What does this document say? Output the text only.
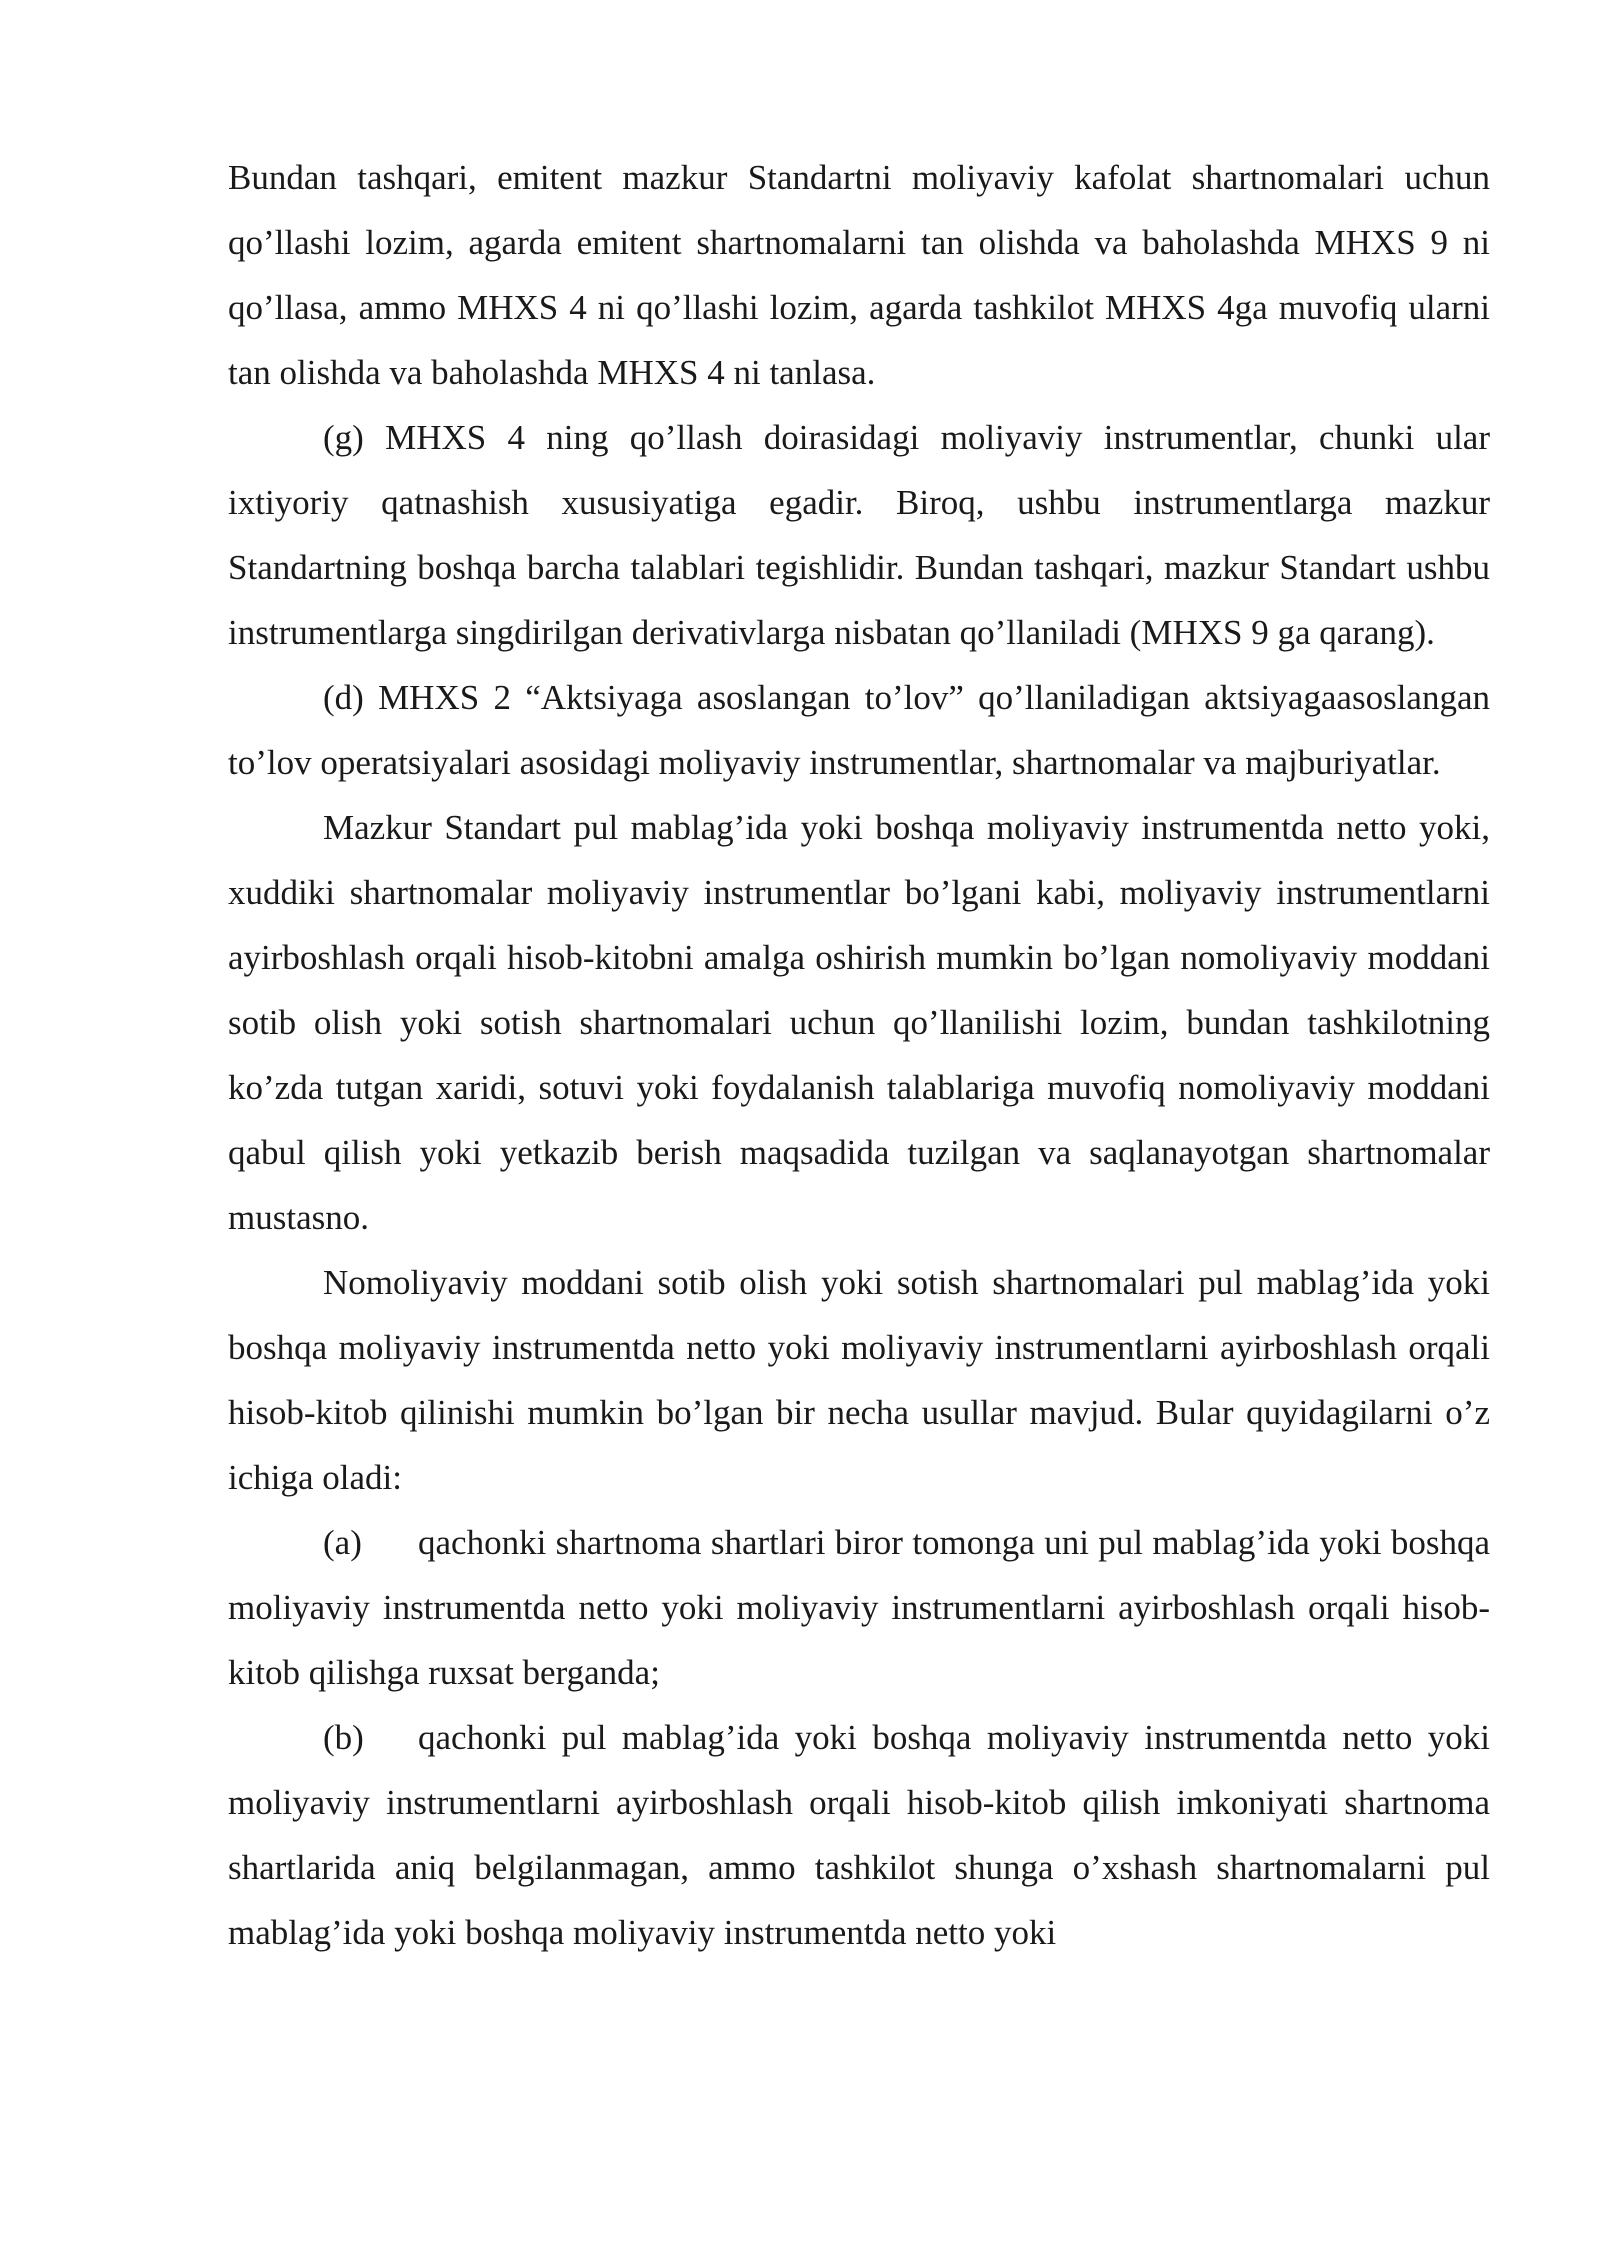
Bundan tashqari, emitent mazkur Standartni moliyaviy kafolat shartnomalari uchun qo’llashi lozim, agarda emitent shartnomalarni tan olishda va baholashda MHXS 9 ni qo’llasa, ammo MHXS 4 ni qo’llashi lozim, agarda tashkilot MHXS 4ga muvofiq ularni tan olishda va baholashda MHXS 4 ni tanlasa.

(g) MHXS 4 ning qo’llash doirasidagi moliyaviy instrumentlar, chunki ular ixtiyoriy qatnashish xususiyatiga egadir. Biroq, ushbu instrumentlarga mazkur Standartning boshqa barcha talablari tegishlidir. Bundan tashqari, mazkur Standart ushbu instrumentlarga singdirilgan derivativlarga nisbatan qo’llaniladi (MHXS 9 ga qarang).

(d) MHXS 2 “Aktsiyaga asoslangan to’lov” qo’llaniladigan aktsiyagaasoslangan to’lov operatsiyalari asosidagi moliyaviy instrumentlar, shartnomalar va majburiyatlar.

Mazkur Standart pul mablag’ida yoki boshqa moliyaviy instrumentda netto yoki, xuddiki shartnomalar moliyaviy instrumentlar bo’lgani kabi, moliyaviy instrumentlarni ayirboshlash orqali hisob-kitobni amalga oshirish mumkin bo’lgan nomoliyaviy moddani sotib olish yoki sotish shartnomalari uchun qo’llanilishi lozim, bundan tashkilotning ko’zda tutgan xaridi, sotuvi yoki foydalanish talablariga muvofiq nomoliyaviy moddani qabul qilish yoki yetkazib berish maqsadida tuzilgan va saqlanayotgan shartnomalar mustasno.

Nomoliyaviy moddani sotib olish yoki sotish shartnomalari pul mablag’ida yoki boshqa moliyaviy instrumentda netto yoki moliyaviy instrumentlarni ayirboshlash orqali hisob-kitob qilinishi mumkin bo’lgan bir necha usullar mavjud. Bular quyidagilarni o’z ichiga oladi:

(a) qachonki shartnoma shartlari biror tomonga uni pul mablag’ida yoki boshqa moliyaviy instrumentda netto yoki moliyaviy instrumentlarni ayirboshlash orqali hisob-kitob qilishga ruxsat berganda;

(b) qachonki pul mablag’ida yoki boshqa moliyaviy instrumentda netto yoki moliyaviy instrumentlarni ayirboshlash orqali hisob-kitob qilish imkoniyati shartnoma shartlarida aniq belgilanmagan, ammo tashkilot shunga o’xshash shartnomalarni pul mablag’ida yoki boshqa moliyaviy instrumentda netto yoki
